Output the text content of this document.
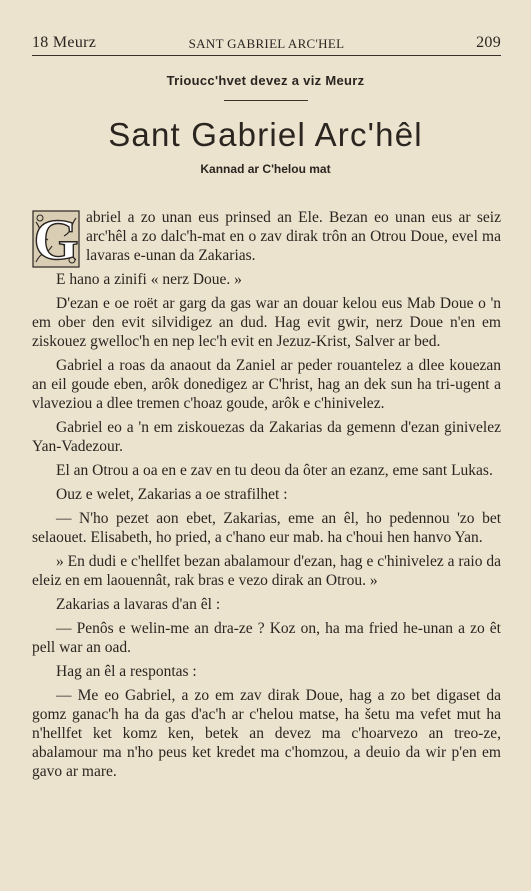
18 Meurz	SANT GABRIEL ARC'HEL	209
Trioucc'hvet devez a viz Meurz
Sant Gabriel Arc'hêl
Kannad ar C'helou mat

G abriel a zo unan eus prinsed an Ele. Bezan eo unan eus ar seiz arc'hêl a zo dalc'h-mat en o zav dirak trôn an Otrou Doue, evel ma lavaras e-unan da Zakarias.

E hano a zinifi « nerz Doue. »

D'ezan e oe roët ar garg da gas war an douar kelou eus Mab Doue o 'n em ober den evit silvidigez an dud. Hag evit gwir, nerz Doue n'en em ziskouez gwelloc'h en nep lec'h evit en Jezuz-Krist, Salver ar bed.

Gabriel a roas da anaout da Zaniel ar peder rouantelez a dlee kouezan an eil goude eben, arôk donedigez ar C'hrist, hag an dek sun ha tri-ugent a vlaveziou a dlee tremen c'hoaz goude, arôk e c'hinivelez.

Gabriel eo a 'n em ziskouezas da Zakarias da gemenn d'ezan ginivelez Yan-Vadezour.

El an Otrou a oa en e zav en tu deou da ôter an ezanz, eme sant Lukas.

Ouz e welet, Zakarias a oe strafilhet :

— N'ho pezet aon ebet, Zakarias, eme an êl, ho pedennou 'zo bet selaouet. Elisabeth, ho pried, a c'hano eur mab. ha c'houi hen hanvo Yan.

» En dudi e c'hellfet bezan abalamour d'ezan, hag e c'hinivelez a raio da eleiz en em laouennât, rak bras e vezo dirak an Otrou. »

Zakarias a lavaras d'an êl :

— Penôs e welin-me an dra-ze ? Koz on, ha ma fried he-unan a zo êt pell war an oad.

Hag an êl a respontas :

— Me eo Gabriel, a zo em zav dirak Doue, hag a zo bet digaset da gomz ganac'h ha da gas d'ac'h ar c'helou matse, ha šetu ma vefet mut ha n'hellfet ket komz ken, betek an devez ma c'hoarvezo an treo-ze, abalamour ma n'ho peus ket kredet ma c'homzou, a deuio da wir p'en em gavo ar mare.
